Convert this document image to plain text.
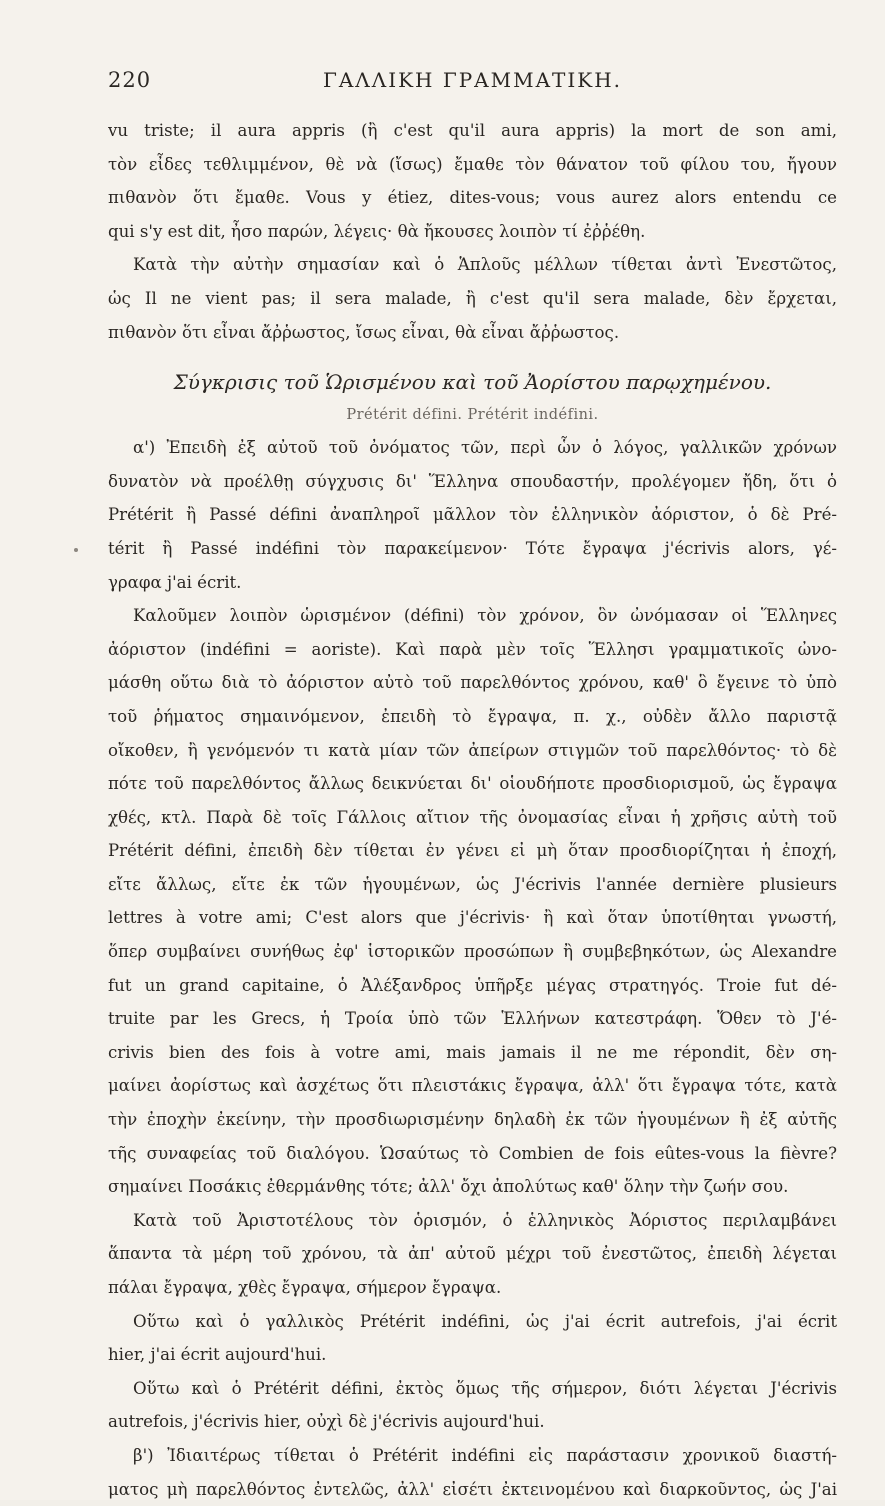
220	ΓΑΛΛΙΚΗ ΓΡΑΜΜΑΤΙΚΗ.
vu triste; il aura appris (ἢ c'est qu'il aura appris) la mort de son ami,
τὸν εἶδες τεθλιμμένον, θὲ νὰ (ἴσως) ἔμαθε τὸν θάνατον τοῦ φίλου του, ἤγουν
πιθανὸν ὅτι ἔμαθε. Vous y étiez, dites-vous; vous aurez alors entendu ce
qui s'y est dit, ἦσο παρών, λέγεις· θὰ ἤκουσες λοιπὸν τί ἐῤῥέθη.
Κατὰ τὴν αὐτὴν σημασίαν καὶ ὁ Ἁπλοῦς μέλλων τίθεται ἀντὶ Ἐνεστῶτος,
ὡς Il ne vient pas; il sera malade, ἢ c'est qu'il sera malade, δὲν ἔρχεται,
πιθανὸν ὅτι εἶναι ἄῤῥωστος, ἴσως εἶναι, θὰ εἶναι ἄῤῥωστος.
Σύγκρισις τοῦ Ὡρισμένου καὶ τοῦ Ἀορίστου παρῳχημένου.
Prétérit défini. Prétérit indéfini.
α') Ἐπειδὴ ἐξ αὐτοῦ τοῦ ὀνόματος τῶν, περὶ ὧν ὁ λόγος, γαλλικῶν χρόνων
δυνατὸν νὰ προέλθῃ σύγχυσις δι' Ἕλληνα σπουδαστήν, προλέγομεν ἤδη, ὅτι ὁ
Prétérit ἢ Passé défini ἀναπληροῖ μᾶλλον τὸν ἑλληνικὸν ἀόριστον, ὁ δὲ Pré-
térit ἢ Passé indéfini τὸν παρακείμενον· Τότε ἔγραψα j'écrivis alors, γέ-
γραφα j'ai écrit.
Καλοῦμεν λοιπὸν ὡρισμένον (défini) τὸν χρόνον, ὃν ὠνόμασαν οἱ Ἕλληνες
ἀόριστον (indéfini = aoriste). Καὶ παρὰ μὲν τοῖς Ἕλλησι γραμματικοῖς ὠνο-
μάσθη οὕτω διὰ τὸ ἀόριστον αὐτὸ τοῦ παρελθόντος χρόνου, καθ' ὃ ἔγεινε τὸ ὑπὸ
τοῦ ῥήματος σημαινόμενον, ἐπειδὴ τὸ ἔγραψα, π. χ., οὐδὲν ἄλλο παριστᾷ
οἴκοθεν, ἢ γενόμενόν τι κατὰ μίαν τῶν ἀπείρων στιγμῶν τοῦ παρελθόντος· τὸ δὲ
πότε τοῦ παρελθόντος ἄλλως δεικνύεται δι' οἱουδήποτε προσδιορισμοῦ, ὡς ἔγραψα
χθές, κτλ. Παρὰ δὲ τοῖς Γάλλοις αἴτιον τῆς ὀνομασίας εἶναι ἡ χρῆσις αὐτὴ τοῦ
Prétérit défini, ἐπειδὴ δὲν τίθεται ἐν γένει εἰ μὴ ὅταν προσδιορίζηται ἡ ἐποχή,
εἴτε ἄλλως, εἴτε ἐκ τῶν ἡγουμένων, ὡς J'écrivis l'année dernière plusieurs
lettres à votre ami; C'est alors que j'écrivis· ἢ καὶ ὅταν ὑποτίθηται γνωστή,
ὅπερ συμβαίνει συνήθως ἐφ' ἱστορικῶν προσώπων ἢ συμβεβηκότων, ὡς Alexandre
fut un grand capitaine, ὁ Ἀλέξανδρος ὑπῆρξε μέγας στρατηγός. Troie fut dé-
truite par les Grecs, ἡ Τροία ὑπὸ τῶν Ἑλλήνων κατεστράφη. Ὅθεν τὸ J'é-
crivis bien des fois à votre ami, mais jamais il ne me répondit, δὲν ση-
μαίνει ἀορίστως καὶ ἀσχέτως ὅτι πλειστάκις ἔγραψα, ἀλλ' ὅτι ἔγραψα τότε, κατὰ
τὴν ἐποχὴν ἐκείνην, τὴν προσδιωρισμένην δηλαδὴ ἐκ τῶν ἡγουμένων ἢ ἐξ αὐτῆς
τῆς συναφείας τοῦ διαλόγου. Ὡσαύτως τὸ Combien de fois eûtes-vous la fièvre?
σημαίνει Ποσάκις ἐθερμάνθης τότε; ἀλλ' ὄχι ἀπολύτως καθ' ὅλην τὴν ζωήν σου.
Κατὰ τοῦ Ἀριστοτέλους τὸν ὁρισμόν, ὁ ἑλληνικὸς Ἀόριστος περιλαμβάνει
ἅπαντα τὰ μέρη τοῦ χρόνου, τὰ ἀπ' αὐτοῦ μέχρι τοῦ ἐνεστῶτος, ἐπειδὴ λέγεται
πάλαι ἔγραψα, χθὲς ἔγραψα, σήμερον ἔγραψα.
Οὕτω καὶ ὁ γαλλικὸς Prétérit indéfini, ὡς j'ai écrit autrefois, j'ai écrit
hier, j'ai écrit aujourd'hui.
Οὕτω καὶ ὁ Prétérit défini, ἐκτὸς ὅμως τῆς σήμερον, διότι λέγεται J'écrivis
autrefois, j'écrivis hier, οὐχὶ δὲ j'écrivis aujourd'hui.
β') Ἰδιαιτέρως τίθεται ὁ Prétérit indéfini εἰς παράστασιν χρονικοῦ διαστή-
ματος μὴ παρελθόντος ἐντελῶς, ἀλλ' εἰσέτι ἐκτεινομένου καὶ διαρκοῦντος, ὡς J'ai
